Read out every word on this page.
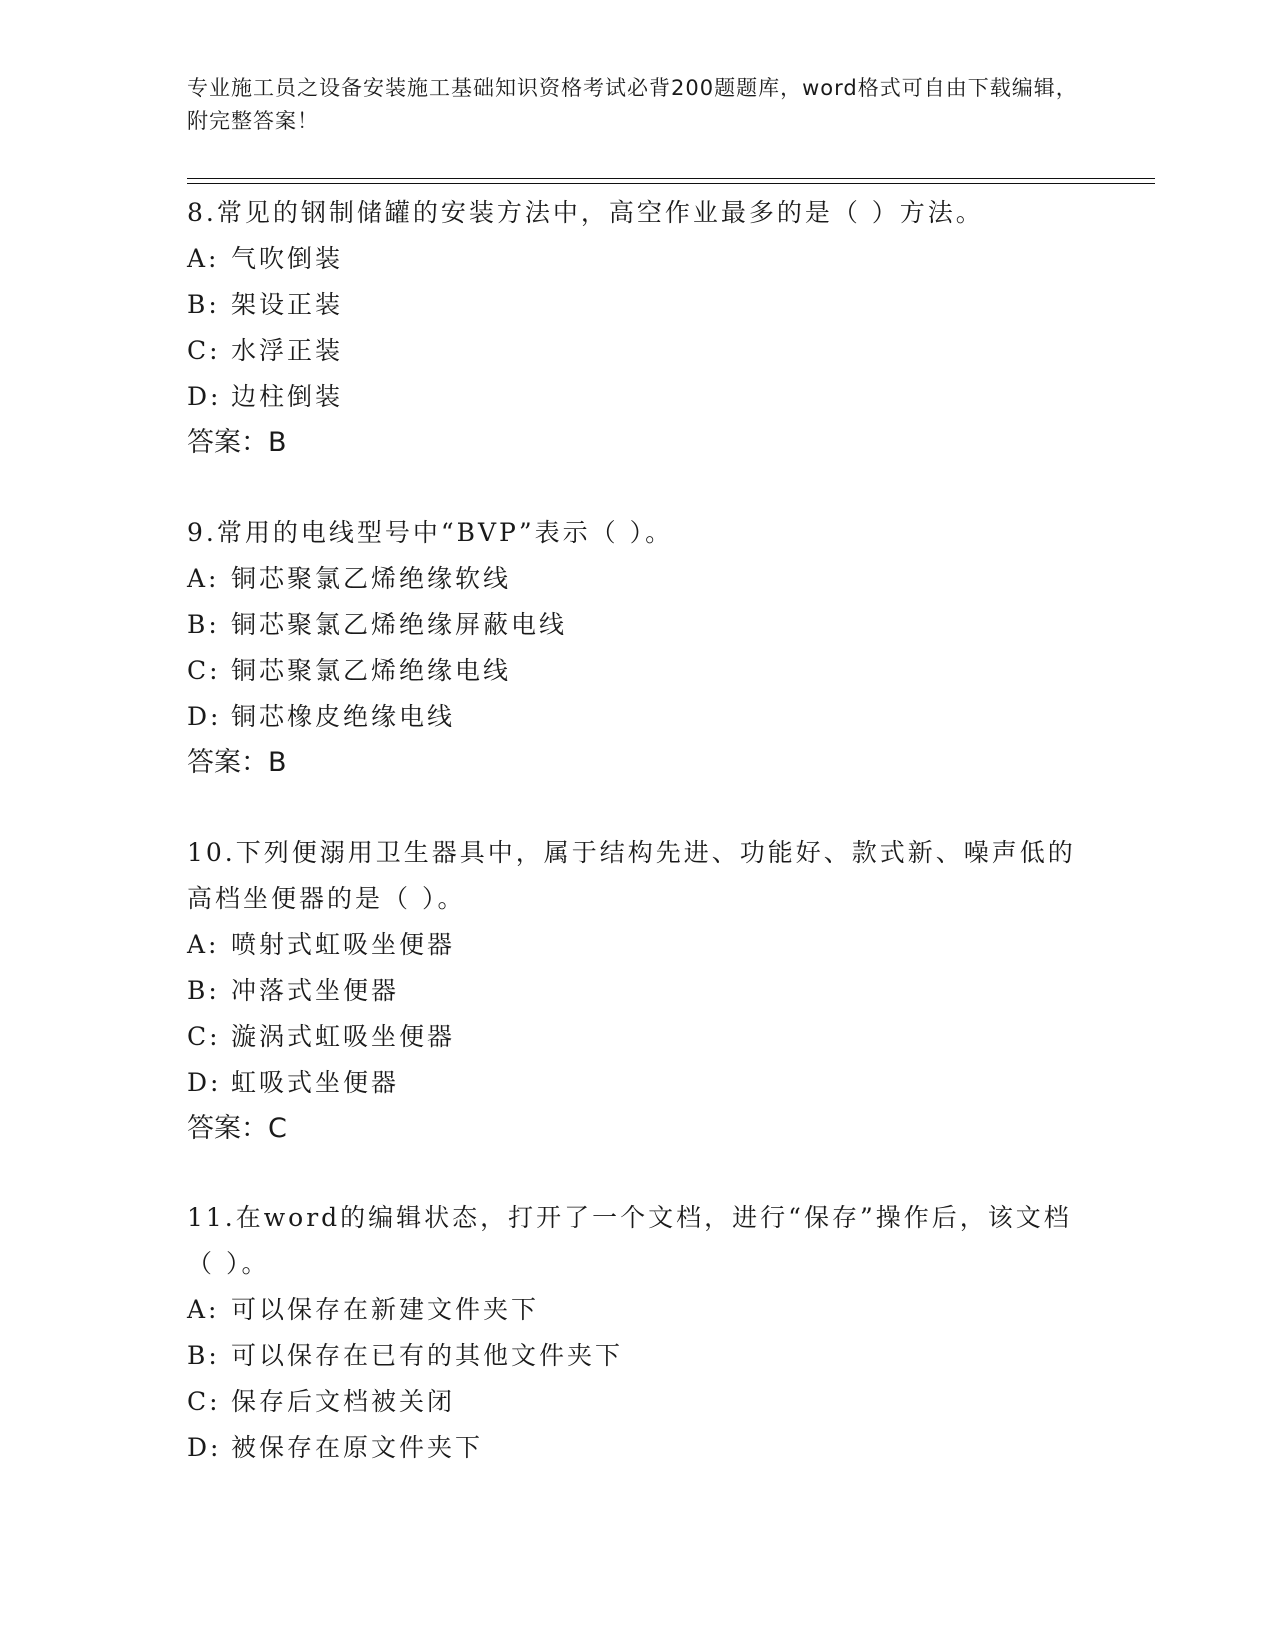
专业施工员之设备安装施工基础知识资格考试必背200题题库，word格式可自由下载编辑，附完整答案！

8.常见的钢制储罐的安装方法中，高空作业最多的是（ ）方法。

A: 气吹倒装
B: 架设正装
C: 水浮正装
D: 边柱倒装

答案：B

9.常用的电线型号中“BVP”表示（ ）。

A: 铜芯聚氯乙烯绝缘软线
B: 铜芯聚氯乙烯绝缘屏蔽电线
C: 铜芯聚氯乙烯绝缘电线
D: 铜芯橡皮绝缘电线

答案：B

10.下列便溺用卫生器具中，属于结构先进、功能好、款式新、噪声低的高档坐便器的是（ ）。

A: 喷射式虹吸坐便器
B: 冲落式坐便器
C: 漩涡式虹吸坐便器
D: 虹吸式坐便器

答案：C

11.在word的编辑状态，打开了一个文档，进行“保存”操作后，该文档（ ）。

A: 可以保存在新建文件夹下
B: 可以保存在已有的其他文件夹下
C: 保存后文档被关闭
D: 被保存在原文件夹下
